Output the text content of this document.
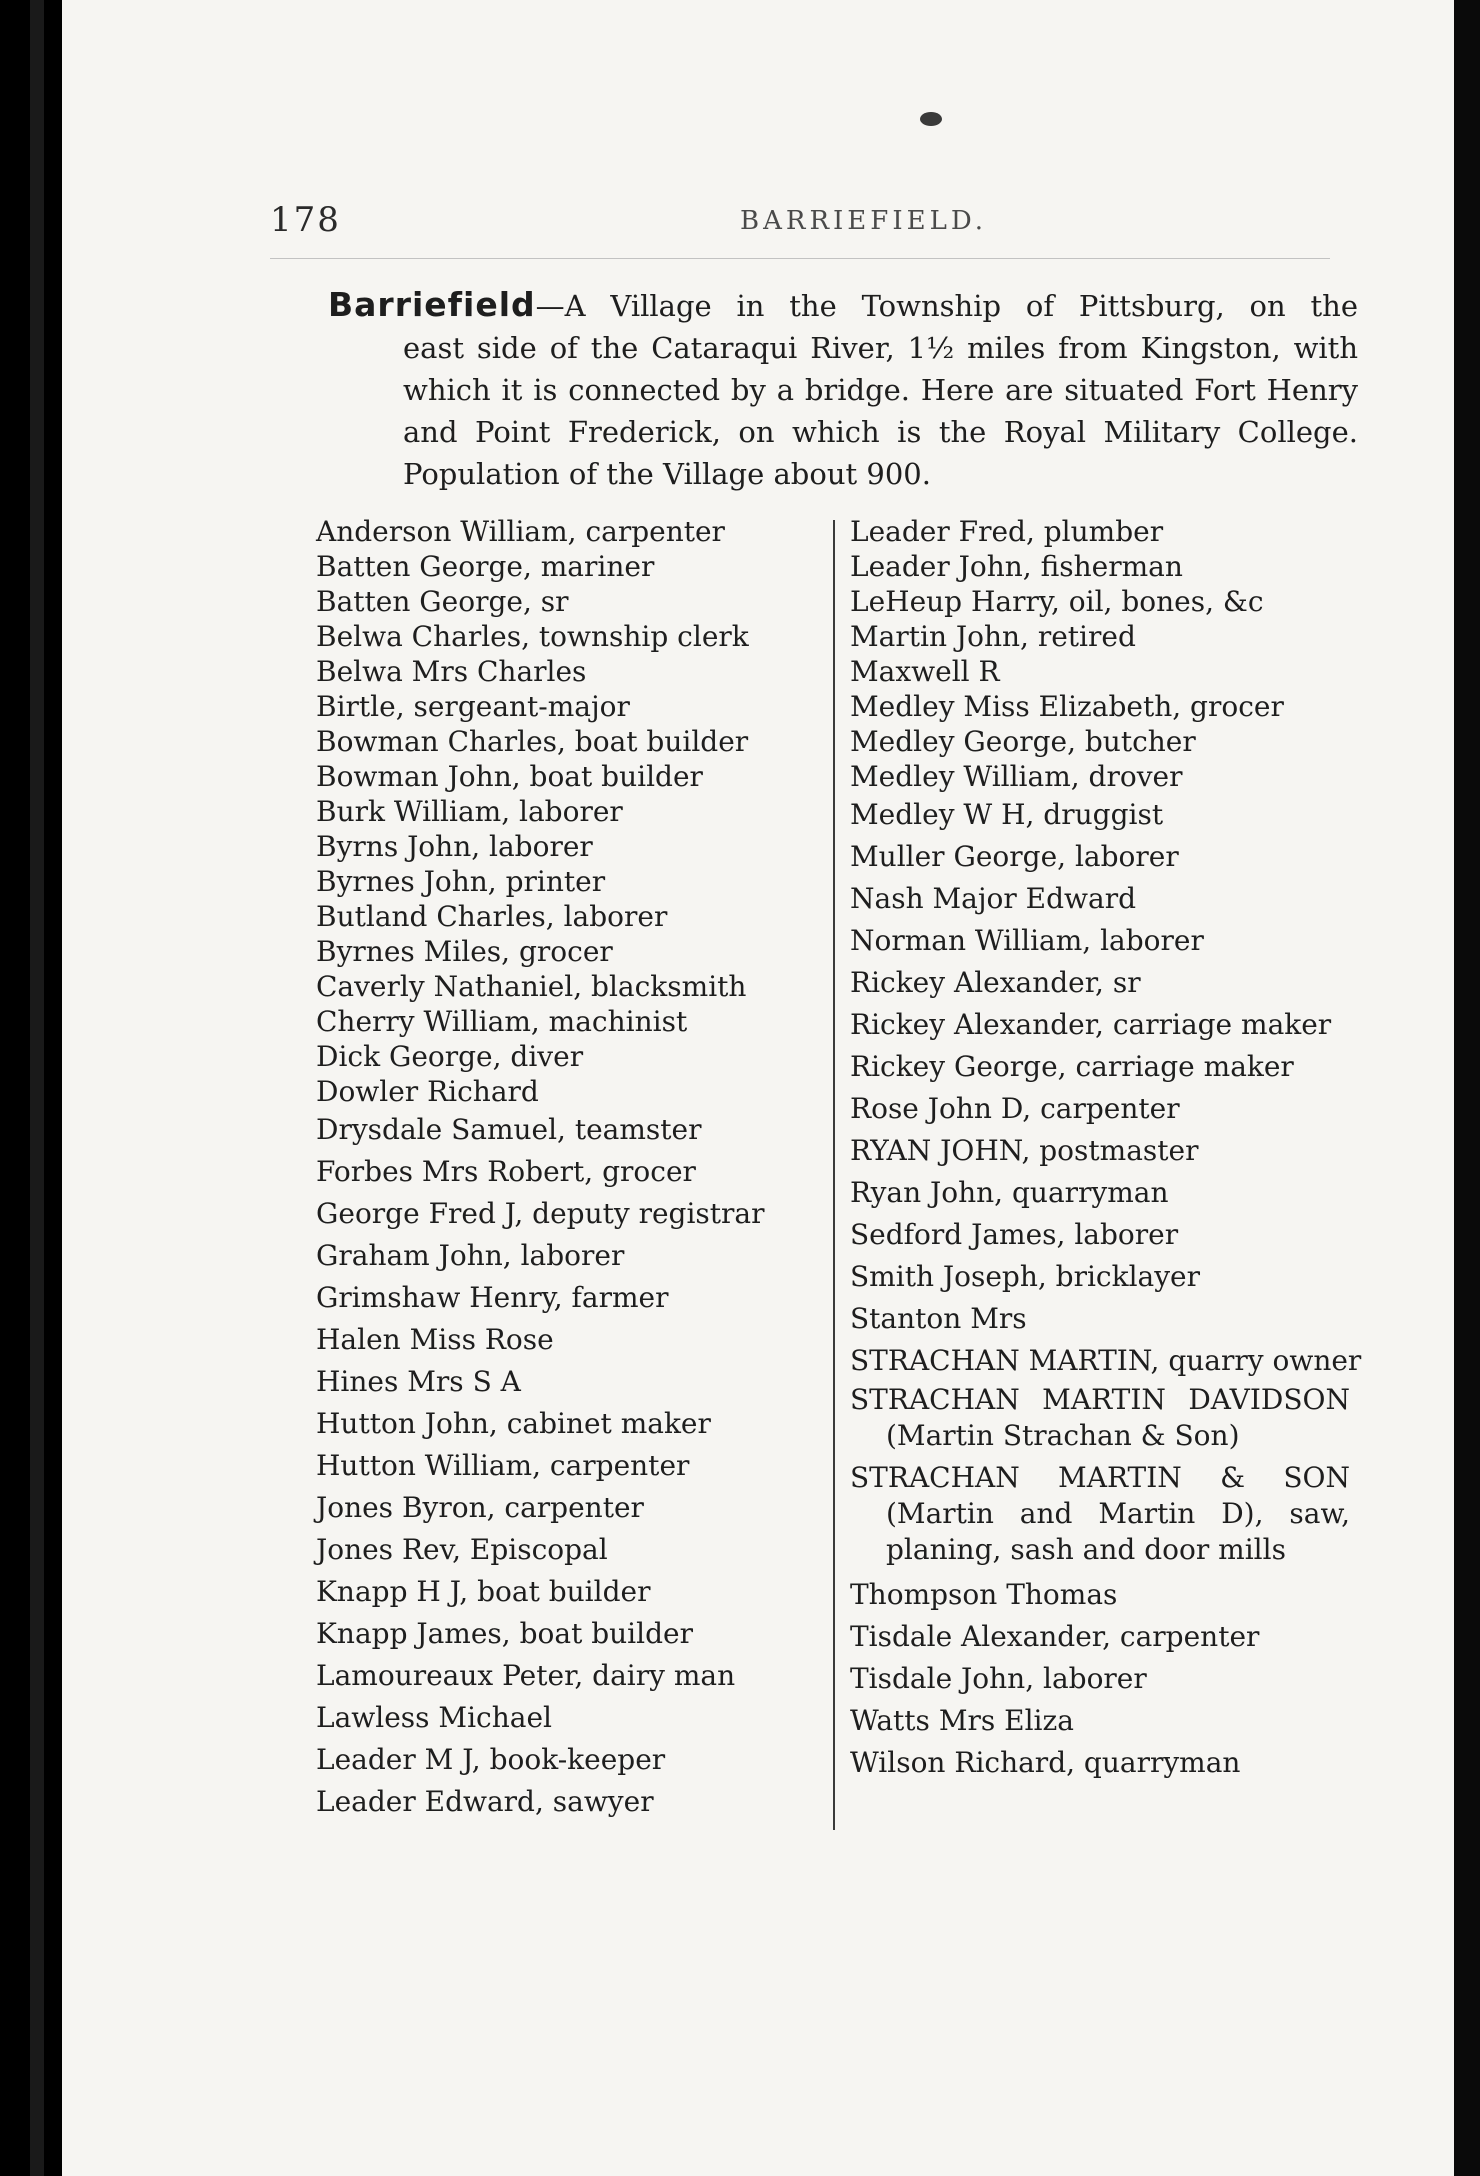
178	BARRIEFIELD.
Barriefield—A Village in the Township of Pittsburg, on the
east side of the Cataraqui River, 1½ miles from Kingston, with
which it is connected by a bridge. Here are situated Fort Henry
and Point Frederick, on which is the Royal Military College.
Population of the Village about 900.
Anderson William, carpenter
Batten George, mariner
Batten George, sr
Belwa Charles, township clerk
Belwa Mrs Charles
Birtle, sergeant-major
Bowman Charles, boat builder
Bowman John, boat builder
Burk William, laborer
Byrns John, laborer
Byrnes John, printer
Butland Charles, laborer
Byrnes Miles, grocer
Caverly Nathaniel, blacksmith
Cherry William, machinist
Dick George, diver
Dowler Richard
Drysdale Samuel, teamster
Forbes Mrs Robert, grocer
George Fred J, deputy registrar
Graham John, laborer
Grimshaw Henry, farmer
Halen Miss Rose
Hines Mrs S A
Hutton John, cabinet maker
Hutton William, carpenter
Jones Byron, carpenter
Jones Rev, Episcopal
Knapp H J, boat builder
Knapp James, boat builder
Lamoureaux Peter, dairy man
Lawless Michael
Leader M J, book-keeper
Leader Edward, sawyer
Leader Fred, plumber
Leader John, fisherman
LeHeup Harry, oil, bones, &c
Martin John, retired
Maxwell R
Medley Miss Elizabeth, grocer
Medley George, butcher
Medley William, drover
Medley W H, druggist
Muller George, laborer
Nash Major Edward
Norman William, laborer
Rickey Alexander, sr
Rickey Alexander, carriage maker
Rickey George, carriage maker
Rose John D, carpenter
RYAN JOHN, postmaster
Ryan John, quarryman
Sedford James, laborer
Smith Joseph, bricklayer
Stanton Mrs
STRACHAN MARTIN, quarry owner
STRACHAN MARTIN DAVIDSON (Martin Strachan & Son)
STRACHAN MARTIN & SON (Martin and Martin D), saw, planing, sash and door mills
Thompson Thomas
Tisdale Alexander, carpenter
Tisdale John, laborer
Watts Mrs Eliza
Wilson Richard, quarryman
